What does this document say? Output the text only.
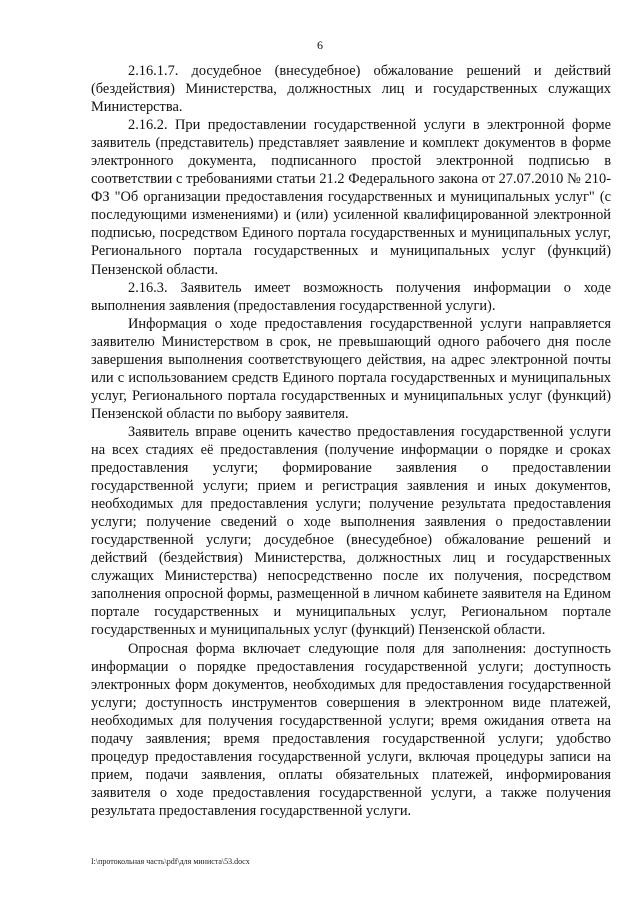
6

2.16.1.7. досудебное (внесудебное) обжалование решений и действий (бездействия) Министерства, должностных лиц и государственных служащих Министерства.

2.16.2. При предоставлении государственной услуги в электронной форме заявитель (представитель) представляет заявление и комплект документов в форме электронного документа, подписанного простой электронной подписью в соответствии с требованиями статьи 21.2 Федерального закона от 27.07.2010 № 210-ФЗ "Об организации предоставления государственных и муниципальных услуг" (с последующими изменениями) и (или) усиленной квалифицированной электронной подписью, посредством Единого портала государственных и муниципальных услуг, Регионального портала государственных и муниципальных услуг (функций) Пензенской области.

2.16.3. Заявитель имеет возможность получения информации о ходе выполнения заявления (предоставления государственной услуги).

Информация о ходе предоставления государственной услуги направляется заявителю Министерством в срок, не превышающий одного рабочего дня после завершения выполнения соответствующего действия, на адрес электронной почты или с использованием средств Единого портала государственных и муниципальных услуг, Регионального портала государственных и муниципальных услуг (функций) Пензенской области по выбору заявителя.

Заявитель вправе оценить качество предоставления государственной услуги на всех стадиях её предоставления (получение информации о порядке и сроках предоставления услуги; формирование заявления о предоставлении государственной услуги; прием и регистрация заявления и иных документов, необходимых для предоставления услуги; получение результата предоставления услуги; получение сведений о ходе выполнения заявления о предоставлении государственной услуги; досудебное (внесудебное) обжалование решений и действий (бездействия) Министерства, должностных лиц и государственных служащих Министерства) непосредственно после их получения, посредством заполнения опросной формы, размещенной в личном кабинете заявителя на Едином портале государственных и муниципальных услуг, Региональном портале государственных и муниципальных услуг (функций) Пензенской области.

Опросная форма включает следующие поля для заполнения: доступность информации о порядке предоставления государственной услуги; доступность электронных форм документов, необходимых для предоставления государственной услуги; доступность инструментов совершения в электронном виде платежей, необходимых для получения государственной услуги; время ожидания ответа на подачу заявления; время предоставления государственной услуги; удобство процедур предоставления государственной услуги, включая процедуры записи на прием, подачи заявления, оплаты обязательных платежей, информирования заявителя о ходе предоставления государственной услуги, а также получения результата предоставления государственной услуги.

I:\протокольная часть\pdf\для министа\53.docx
